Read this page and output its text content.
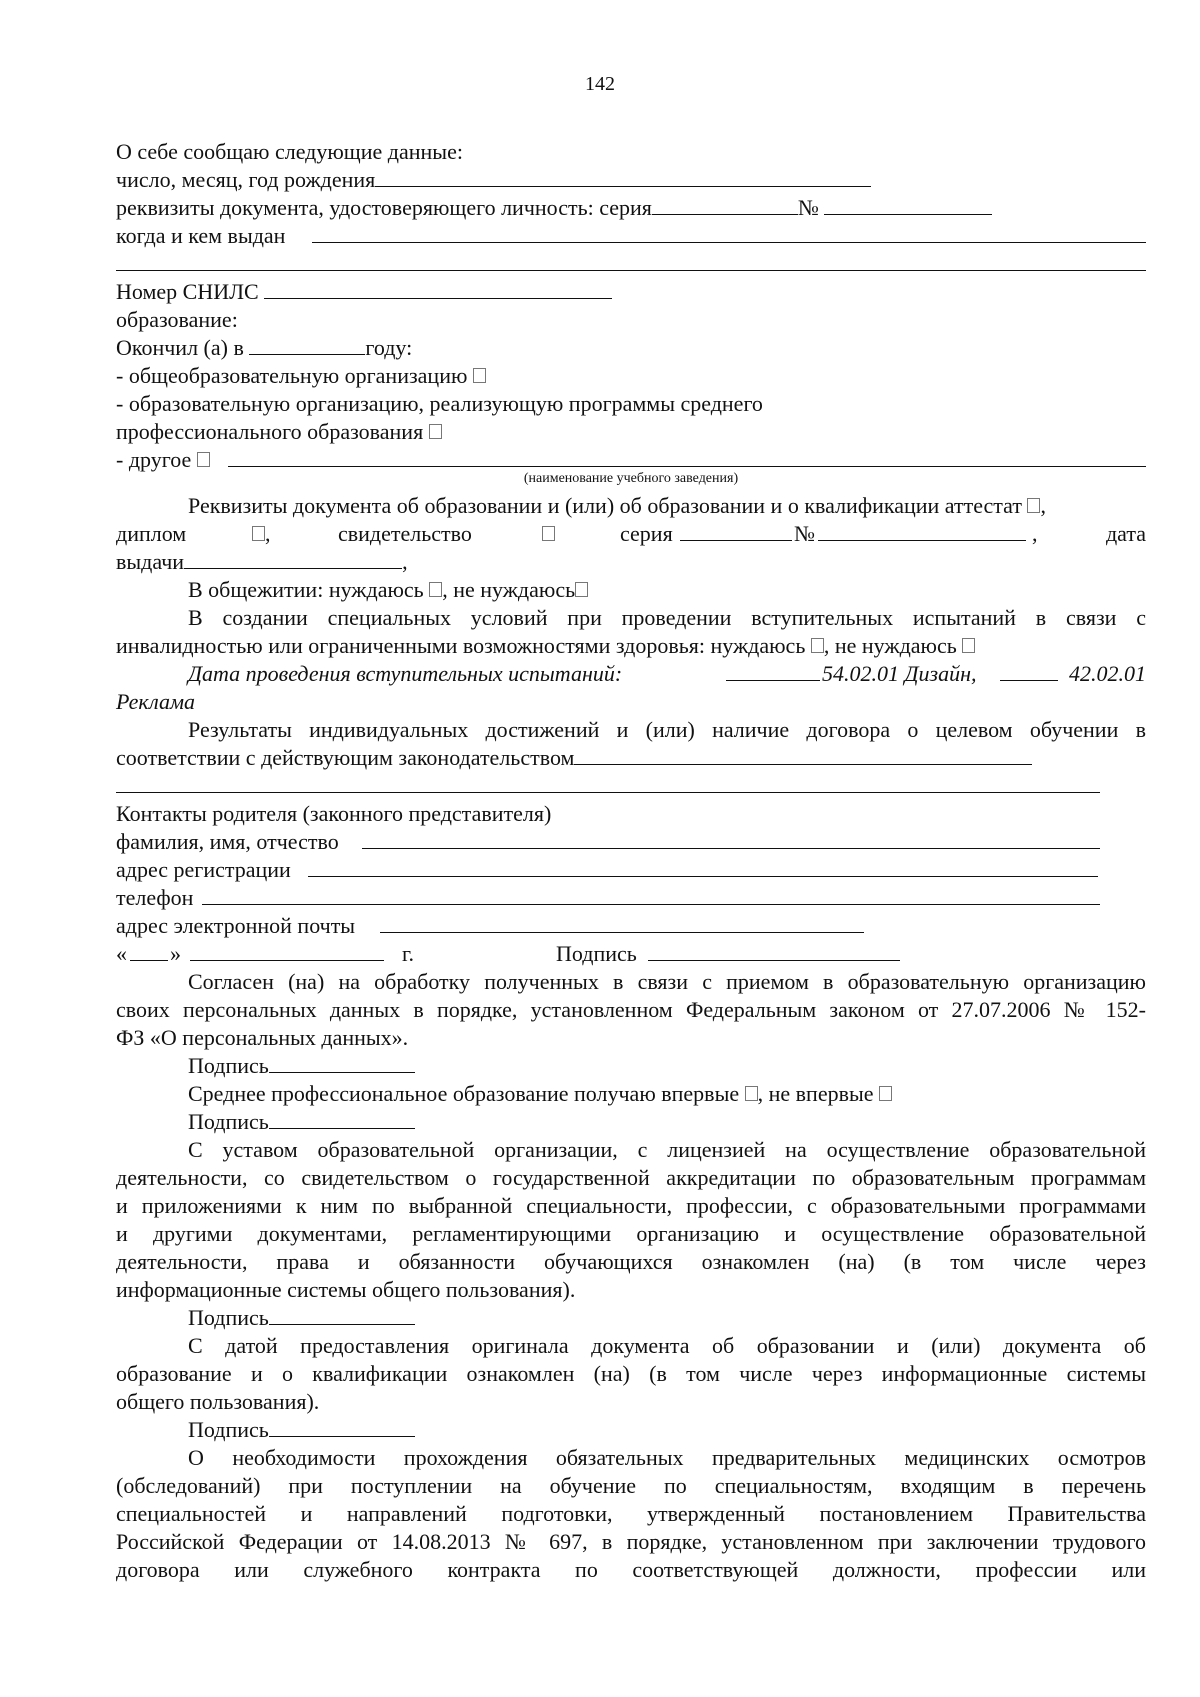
142
О себе сообщаю следующие данные:
число, месяц, год рождения
реквизиты документа, удостоверяющего личность: серия	№
когда и кем выдан
Номер СНИЛС
образование:
Окончил (а) в	году:
- общеобразовательную организацию
- образовательную организацию, реализующую программы среднего
профессионального образования
- другое
(наименование учебного заведения)
Реквизиты документа об образовании и (или) об образовании и о квалификации аттестат ,
диплом	,	свидетельство	серия	№	,	дата
выдачи	,
В общежитии: нуждаюсь , не нуждаюсь
В создании специальных условий при проведении вступительных испытаний в связи с
инвалидностью или ограниченными возможностями здоровья: нуждаюсь , не нуждаюсь
Дата проведения вступительных испытаний:	54.02.01 Дизайн,	42.02.01
Реклама
Результаты индивидуальных достижений и (или) наличие договора о целевом обучении в
соответствии с действующим законодательством
Контакты родителя (законного представителя)
фамилия, имя, отчество
адрес регистрации
телефон
адрес электронной почты
« »	г.	Подпись
Согласен (на) на обработку полученных в связи с приемом в образовательную организацию
своих персональных данных в порядке, установленном Федеральным законом от 27.07.2006 № 152-
ФЗ «О персональных данных».
Подпись
Среднее профессиональное образование получаю впервые , не впервые
Подпись
С уставом образовательной организации, с лицензией на осуществление образовательной
деятельности, со свидетельством о государственной аккредитации по образовательным программам
и приложениями к ним по выбранной специальности, профессии, с образовательными программами
и другими документами, регламентирующими организацию и осуществление образовательной
деятельности, права и обязанности обучающихся ознакомлен (на) (в том числе через
информационные системы общего пользования).
Подпись
С датой предоставления оригинала документа об образовании и (или) документа об
образование и о квалификации ознакомлен (на) (в том числе через информационные системы
общего пользования).
Подпись
О необходимости прохождения обязательных предварительных медицинских осмотров
(обследований) при поступлении на обучение по специальностям, входящим в перечень
специальностей и направлений подготовки, утвержденный постановлением Правительства
Российской Федерации от 14.08.2013 № 697, в порядке, установленном при заключении трудового
договора или служебного контракта по соответствующей должности, профессии или
